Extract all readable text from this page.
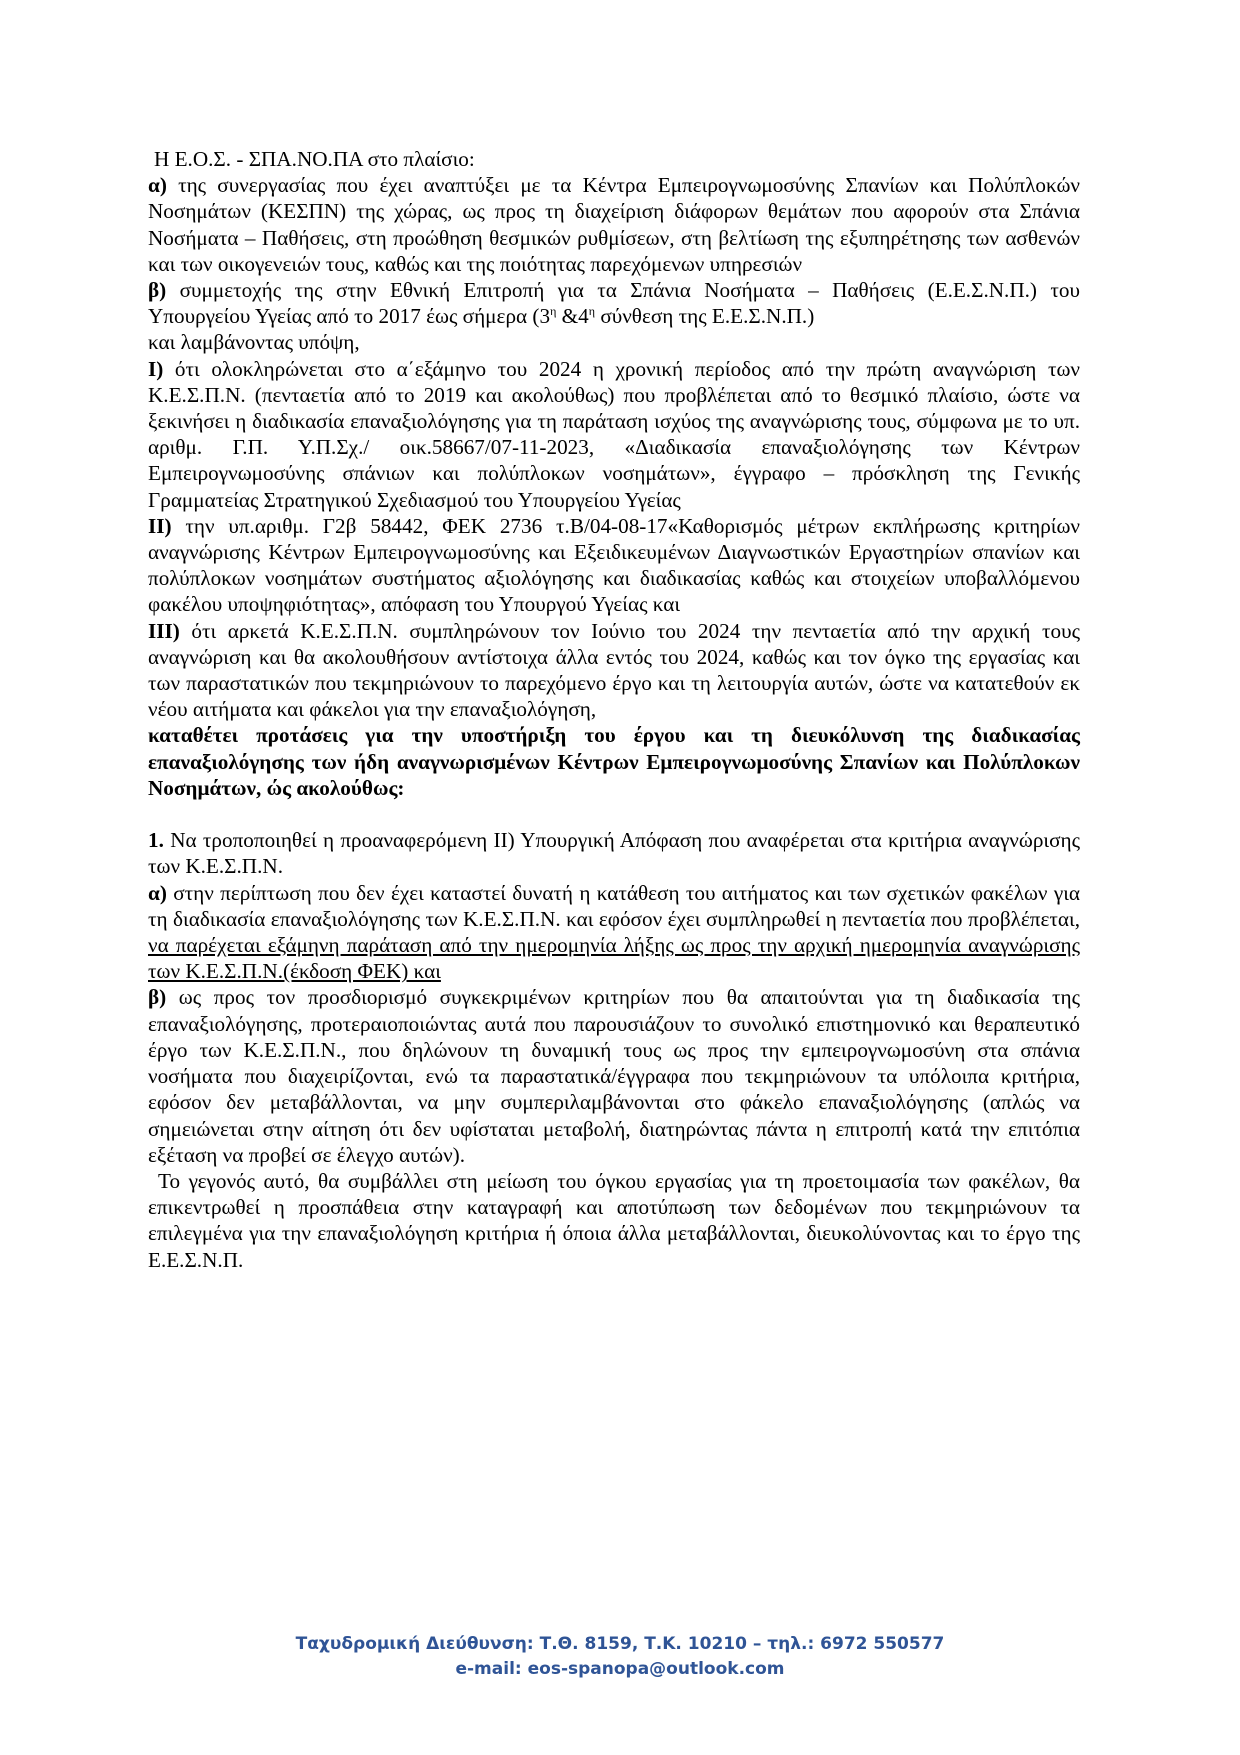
Η Ε.Ο.Σ. - ΣΠΑ.ΝΟ.ΠΑ στο πλαίσιο:

α) της συνεργασίας που έχει αναπτύξει με τα Κέντρα Εμπειρογνωμοσύνης Σπανίων και Πολύπλοκών Νοσημάτων (ΚΕΣΠΝ) της χώρας, ως προς τη διαχείριση διάφορων θεμάτων που αφορούν στα Σπάνια Νοσήματα – Παθήσεις, στη προώθηση θεσμικών ρυθμίσεων, στη βελτίωση της εξυπηρέτησης των ασθενών και των οικογενειών τους, καθώς και της ποιότητας παρεχόμενων υπηρεσιών

β) συμμετοχής της στην Εθνική Επιτροπή για τα Σπάνια Νοσήματα – Παθήσεις (Ε.Ε.Σ.Ν.Π.) του Υπουργείου Υγείας από το 2017 έως σήμερα ($3^\eta$ $\&4^\eta$ σύνθεση της Ε.Ε.Σ.Ν.Π.)

και λαμβάνοντας υπόψη,

Ι) ότι ολοκληρώνεται στο α΄εξάμηνο του 2024 η χρονική περίοδος από την πρώτη αναγνώριση των Κ.Ε.Σ.Π.Ν. (πενταετία από το 2019 και ακολούθως) που προβλέπεται από το θεσμικό πλαίσιο, ώστε να ξεκινήσει η διαδικασία επαναξιολόγησης για τη παράταση ισχύος της αναγνώρισης τους, σύμφωνα με το υπ. αριθμ. Γ.Π. Υ.Π.Σχ./ οικ.58667/07-11-2023, «Διαδικασία επαναξιολόγησης των Κέντρων Εμπειρογνωμοσύνης σπάνιων και πολύπλοκων νοσημάτων», έγγραφο – πρόσκληση της Γενικής Γραμματείας Στρατηγικού Σχεδιασμού του Υπουργείου Υγείας

ΙΙ) την υπ.αριθμ. Γ2β 58442, ΦΕΚ 2736 τ.Β/04-08-17«Καθορισμός μέτρων εκπλήρωσης κριτηρίων αναγνώρισης Κέντρων Εμπειρογνωμοσύνης και Εξειδικευμένων Διαγνωστικών Εργαστηρίων σπανίων και πολύπλοκων νοσημάτων συστήματος αξιολόγησης και διαδικασίας καθώς και στοιχείων υποβαλλόμενου φακέλου υποψηφιότητας», απόφαση του Υπουργού Υγείας και

ΙΙΙ) ότι αρκετά Κ.Ε.Σ.Π.Ν. συμπληρώνουν τον Ιούνιο του 2024 την πενταετία από την αρχική τους αναγνώριση και θα ακολουθήσουν αντίστοιχα άλλα εντός του 2024, καθώς και τον όγκο της εργασίας και των παραστατικών που τεκμηριώνουν το παρεχόμενο έργο και τη λειτουργία αυτών, ώστε να κατατεθούν εκ νέου αιτήματα και φάκελοι για την επαναξιολόγηση,

καταθέτει προτάσεις για την υποστήριξη του έργου και τη διευκόλυνση της διαδικασίας επαναξιολόγησης των ήδη αναγνωρισμένων Κέντρων Εμπειρογνωμοσύνης Σπανίων και Πολύπλοκων Νοσημάτων, ώς ακολούθως:

1. Να τροποποιηθεί η προαναφερόμενη ΙΙ) Υπουργική Απόφαση που αναφέρεται στα κριτήρια αναγνώρισης των Κ.Ε.Σ.Π.Ν.

α) στην περίπτωση που δεν έχει καταστεί δυνατή η κατάθεση του αιτήματος και των σχετικών φακέλων για τη διαδικασία επαναξιολόγησης των Κ.Ε.Σ.Π.Ν. και εφόσον έχει συμπληρωθεί η πενταετία που προβλέπεται, να παρέχεται εξάμηνη παράταση από την ημερομηνία λήξης ως προς την αρχική ημερομηνία αναγνώρισης των Κ.Ε.Σ.Π.Ν.(έκδοση ΦΕΚ) και

β) ως προς τον προσδιορισμό συγκεκριμένων κριτηρίων που θα απαιτούνται για τη διαδικασία της επαναξιολόγησης, προτεραιοποιώντας αυτά που παρουσιάζουν το συνολικό επιστημονικό και θεραπευτικό έργο των Κ.Ε.Σ.Π.Ν., που δηλώνουν τη δυναμική τους ως προς την εμπειρογνωμοσύνη στα σπάνια νοσήματα που διαχειρίζονται, ενώ τα παραστατικά/έγγραφα που τεκμηριώνουν τα υπόλοιπα κριτήρια, εφόσον δεν μεταβάλλονται, να μην συμπεριλαμβάνονται στο φάκελο επαναξιολόγησης (απλώς να σημειώνεται στην αίτηση ότι δεν υφίσταται μεταβολή, διατηρώντας πάντα η επιτροπή κατά την επιτόπια εξέταση να προβεί σε έλεγχο αυτών).

Το γεγονός αυτό, θα συμβάλλει στη μείωση του όγκου εργασίας για τη προετοιμασία των φακέλων, θα επικεντρωθεί η προσπάθεια στην καταγραφή και αποτύπωση των δεδομένων που τεκμηριώνουν τα επιλεγμένα για την επαναξιολόγηση κριτήρια ή όποια άλλα μεταβάλλονται, διευκολύνοντας και το έργο της Ε.Ε.Σ.Ν.Π.

Ταχυδρομική Διεύθυνση: Τ.Θ. 8159, Τ.Κ. 10210 – τηλ.: 6972 550577
e-mail: eos-spanopa@outlook.com
